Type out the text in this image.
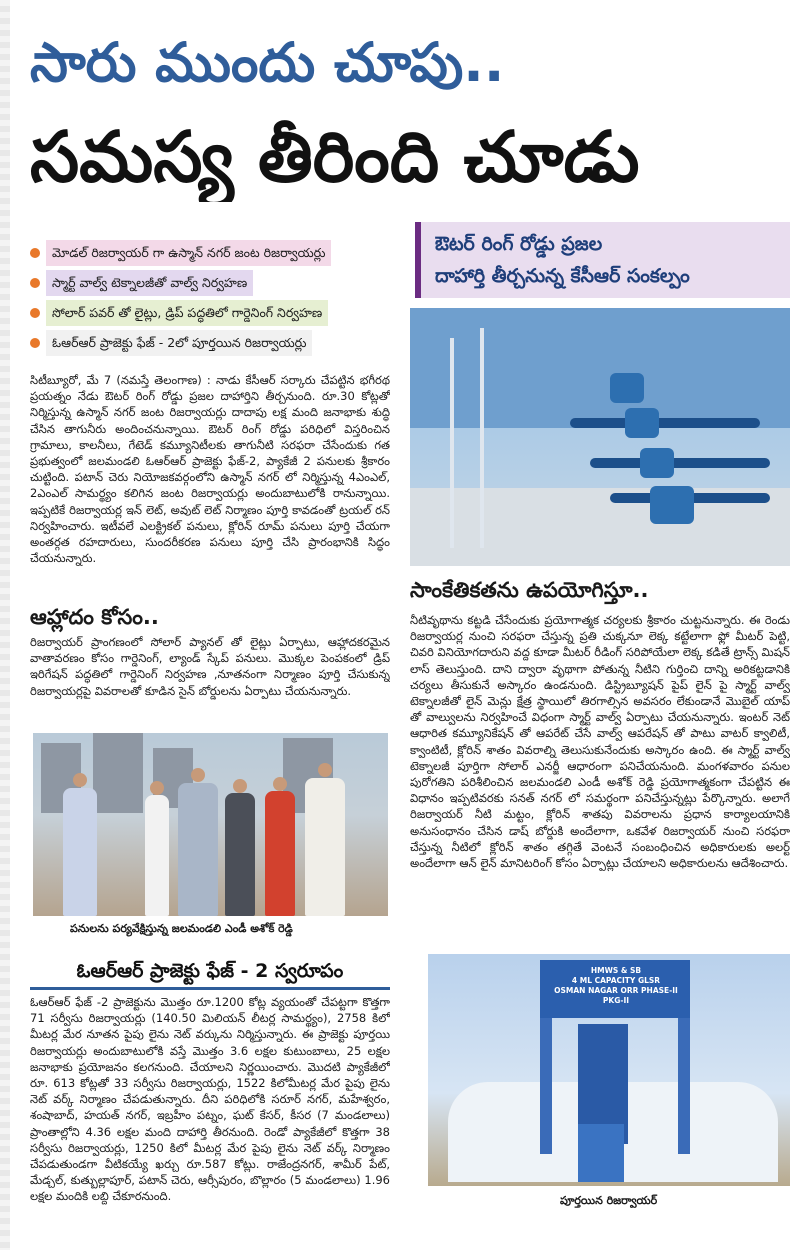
సారు ముందు చూపు..
సమస్య తీరింది చూడు
మోడల్ రిజర్వాయర్ గా ఉస్మాన్ నగర్ జంట రిజర్వాయర్లు
స్మార్ట్ వాల్వ్ టెక్నాలజీతో వాల్వ్ నిర్వహణ
సోలార్ పవర్ తో లైట్లు, డ్రిప్ పద్ధతిలో గార్డెనింగ్ నిర్వహణ
ఓఆర్ఆర్ ప్రాజెక్టు ఫేజ్ - 2లో పూర్తయిన రిజర్వాయర్లు
ఔటర్ రింగ్ రోడ్డు ప్రజల
దాహార్తి తీర్చనున్న కేసీఆర్ సంకల్పం
సాంకేతికతను ఉపయోగిస్తూ..
సిటీబ్యూరో, మే 7 (నమస్తే తెలంగాణ) : నాడు కేసీఆర్ సర్కారు చేపట్టిన భగీరథ ప్రయత్నం నేడు ఔటర్ రింగ్ రోడ్డు ప్రజల దాహార్తిని తీర్చనుంది. రూ.30 కోట్లతో నిర్మిస్తున్న ఉస్మాన్ నగర్ జంట రిజర్వాయర్లు దాదాపు లక్ష మంది జనాభాకు శుద్ధి చేసిన తాగునీరు అందించనున్నాయి. ఔటర్ రింగ్ రోడ్డు పరిధిలో విస్తరించిన గ్రామాలు, కాలనీలు, గేటెడ్ కమ్యూనిటీలకు తాగునీటి సరఫరా చేసేందుకు గత ప్రభుత్వంలో జలమండలి ఓఆర్ఆర్ ప్రాజెక్టు ఫేజ్-2, ప్యాకేజీ 2 పనులకు శ్రీకారం చుట్టింది. పటాన్ చెరు నియోజకవర్గంలోని ఉస్మాన్ నగర్ లో నిర్మిస్తున్న 4ఎంఎల్, 2ఎంఎల్ సామర్థ్యం కలిగిన జంట రిజర్వాయర్లు అందుబాటులోకి రానున్నాయి. ఇప్పటికే రిజర్వాయర్ల ఇన్ లెట్, అవుట్ లెట్ నిర్మాణం పూర్తి కావడంతో ట్రయల్ రన్ నిర్వహించారు. ఇటీవలే ఎలక్ట్రికల్ పనులు, క్లోరిన్ రూమ్ పనులు పూర్తి చేయగా అంతర్గత రహదారులు, సుందరీకరణ పనులు పూర్తి చేసి ప్రారంభానికి సిద్ధం చేయనున్నారు.
ఆహ్లాదం కోసం..
రిజర్వాయర్ ప్రాంగణంలో సోలార్ ప్యానల్ తో లైట్లు ఏర్పాటు, ఆహ్లాదకరమైన వాతావరణం కోసం గార్డెనింగ్, ల్యాండ్ స్కేప్ పనులు. మొక్కల పెంపకంలో డ్రిప్ ఇరిగేషన్ పద్ధతిలో గార్డెనింగ్ నిర్వహణ ,నూతనంగా నిర్మాణం పూర్తి చేసుకున్న రిజర్వాయర్లపై వివరాలతో కూడిన సైన్ బోర్డులను ఏర్పాటు చేయనున్నారు.
పనులను పర్యవేక్షిస్తున్న జలమండలి ఎండీ అశోక్ రెడ్డి
ఓఆర్ఆర్ ప్రాజెక్టు ఫేజ్ - 2 స్వరూపం
ఓఆర్ఆర్ ఫేజ్ -2 ప్రాజెక్టును మొత్తం రూ.1200 కోట్ల వ్యయంతో చేపట్టగా కొత్తగా 71 సర్వీసు రిజర్వాయర్లు (140.50 మిలియన్ లీటర్ల సామర్థ్యం), 2758 కిలో మీటర్ల మేర నూతన పైపు లైను నెట్ వర్కును నిర్మిస్తున్నారు. ఈ ప్రాజెక్టు పూర్తయి రిజర్వాయర్లు అందుబాటులోకి వస్తే మొత్తం 3.6 లక్షల కుటుంబాలు, 25 లక్షల జనాభాకు ప్రయోజనం కలగనుంది. చేయాలని నిర్ణయించారు. మొదటి ప్యాకేజీలో రూ. 613 కోట్లతో 33 సర్వీసు రిజర్వాయర్లు, 1522 కిలోమీటర్ల మేర పైపు లైను నెట్ వర్క్ నిర్మాణం చేపడుతున్నారు. దీని పరిధిలోకి సరూర్ నగర్, మహేశ్వరం, శంషాబాద్, హయత్ నగర్, ఇబ్రహీం పట్నం, ఘట్ కేసర్, కీసర (7 మండలాలు) ప్రాంతాల్లోని 4.36 లక్షల మంది దాహార్తి తీరనుంది. రెండో ప్యాకేజీలో కొత్తగా 38 సర్వీసు రిజర్వాయర్లు, 1250 కిలో మీటర్ల మేర పైపు లైను నెట్ వర్క్ నిర్మాణం చేపడుతుండగా వీటికయ్యే ఖర్చు రూ.587 కోట్లు. రాజేంద్రనగర్, శామీర్ పేట్, మేడ్చల్, కుత్బుల్లాపూర్, పటాన్ చెరు, ఆర్సీపురం, బొల్లారం (5 మండలాలు) 1.96 లక్షల మందికి లబ్ది చేకూరనుంది.
నీటివృథాను కట్టడి చేసేందుకు ప్రయోగాత్మక చర్యలకు శ్రీకారం చుట్టనున్నారు. ఈ రెండు రిజర్వాయర్ల నుంచి సరఫరా చేస్తున్న ప్రతి చుక్కనూ లెక్క కట్టేలాగా ఫ్లో మీటర్ పెట్టి, చివరి వినియోగదారుని వద్ద కూడా మీటర్ రీడింగ్ సరిపోయేలా లెక్క కడితే ట్రాన్స్ మిషన్ లాస్ తెలుస్తుంది. దాని ద్వారా వృథాగా పోతున్న నీటిని గుర్తించి దాన్ని అరికట్టడానికి చర్యలు తీసుకునే అస్కారం ఉండనుంది. డిస్ట్రిబ్యూషన్ పైప్ లైన్ పై స్మార్ట్ వాల్వ్ టెక్నాలజీతో లైన్ మెన్లు క్షేత్ర స్థాయిలో తిరగాల్సిన అవసరం లేకుండానే మొబైల్ యాప్ తో వాల్వులను నిర్వహించే విధంగా స్మార్ట్ వాల్వ్ ఏర్పాటు చేయనున్నారు. ఇంటర్ నెట్ ఆధారిత కమ్యూనికేషన్ తో ఆపరేట్ చేసే వాల్వ్ ఆపరేషన్ తో పాటు వాటర్ క్వాలిటీ, క్వాంటిటీ, క్లోరిన్ శాతం వివరాల్ని తెలుసుకునేందుకు అస్కారం ఉంది. ఈ స్మార్ట్ వాల్వ్ టెక్నాలజీ పూర్తిగా సోలార్ ఎనర్జీ ఆధారంగా పనిచేయనుంది. మంగళవారం పనుల పురోగతిని పరిశీలించిన జలమండలి ఎండీ అశోక్ రెడ్డి ప్రయోగాత్మకంగా చేపట్టిన ఈ విధానం ఇప్పటివరకు సనత్ నగర్ లో సమర్థంగా పనిచేస్తున్నట్లు పేర్కొన్నారు. అలాగే రిజర్వాయర్ నీటి మట్టం, క్లోరిన్ శాతపు వివరాలను ప్రధాన కార్యాలయానికి అనుసంధానం చేసిన డాష్ బోర్డుకి అందేలాగా, ఒకవేళ రిజర్వాయర్ నుంచి సరఫరా చేస్తున్న నీటిలో క్లోరిన్ శాతం తగ్గితే వెంటనే సంబంధించిన అధికారులకు అలర్ట్ అందేలాగా ఆన్ లైన్ మానిటరింగ్ కోసం ఏర్పాట్లు చేయాలని అధికారులను ఆదేశించారు.
HMWS & SB
4 ML CAPACITY GLSR
OSMAN NAGAR ORR PHASE-II PKG-II
పూర్తయిన రిజర్వాయర్
